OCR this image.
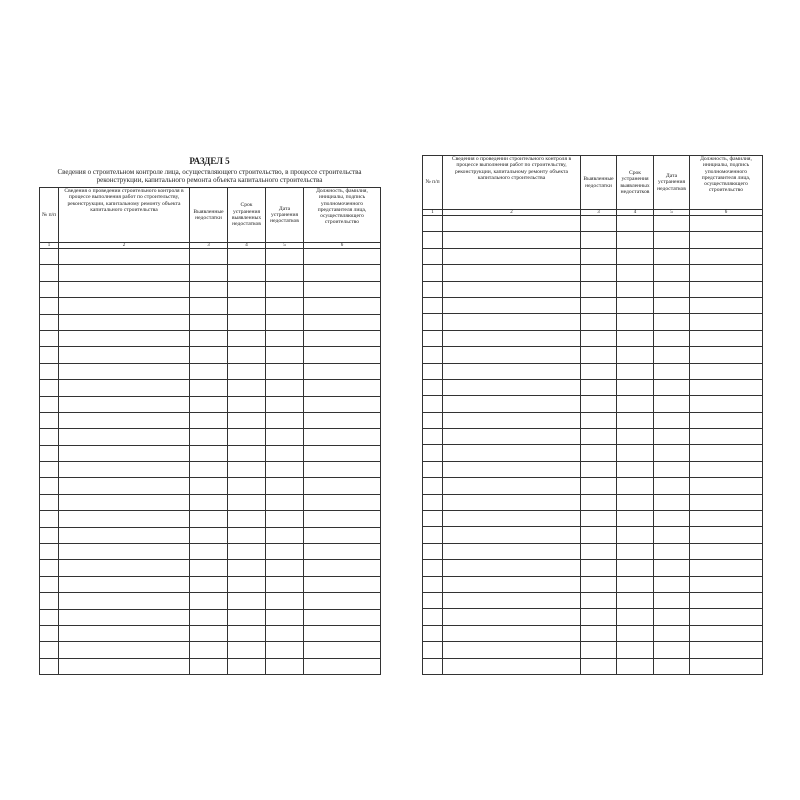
РАЗДЕЛ 5
Сведения о строительном контроле лица, осуществляющего строительство, в процессе строительства реконструкции, капитального ремонта объекта капитального строительства
№ п/п	Сведения о проведении строительного контроля в процессе выполнения работ по строительству, реконструкции, капитальному ремонту объекта капитального строительства	Выявленные недостатки	Срок устранения выявленных недостатков	Дата устранения недостатков	Должность, фамилия, инициалы, подпись уполномоченного представителя лица, осуществляющего строительство
1	2	3	4	5	6

№ п/п	Сведения о проведении строительного контроля в процессе выполнения работ по строительству, реконструкции, капитальному ремонту объекта капитального строительства	Выявленные недостатки	Срок устранения выявленных недостатков	Дата устранения недостатков	Должность, фамилия, инициалы, подпись уполномоченного представителя лица, осуществляющего строительство
1	2	3	4	5	6
